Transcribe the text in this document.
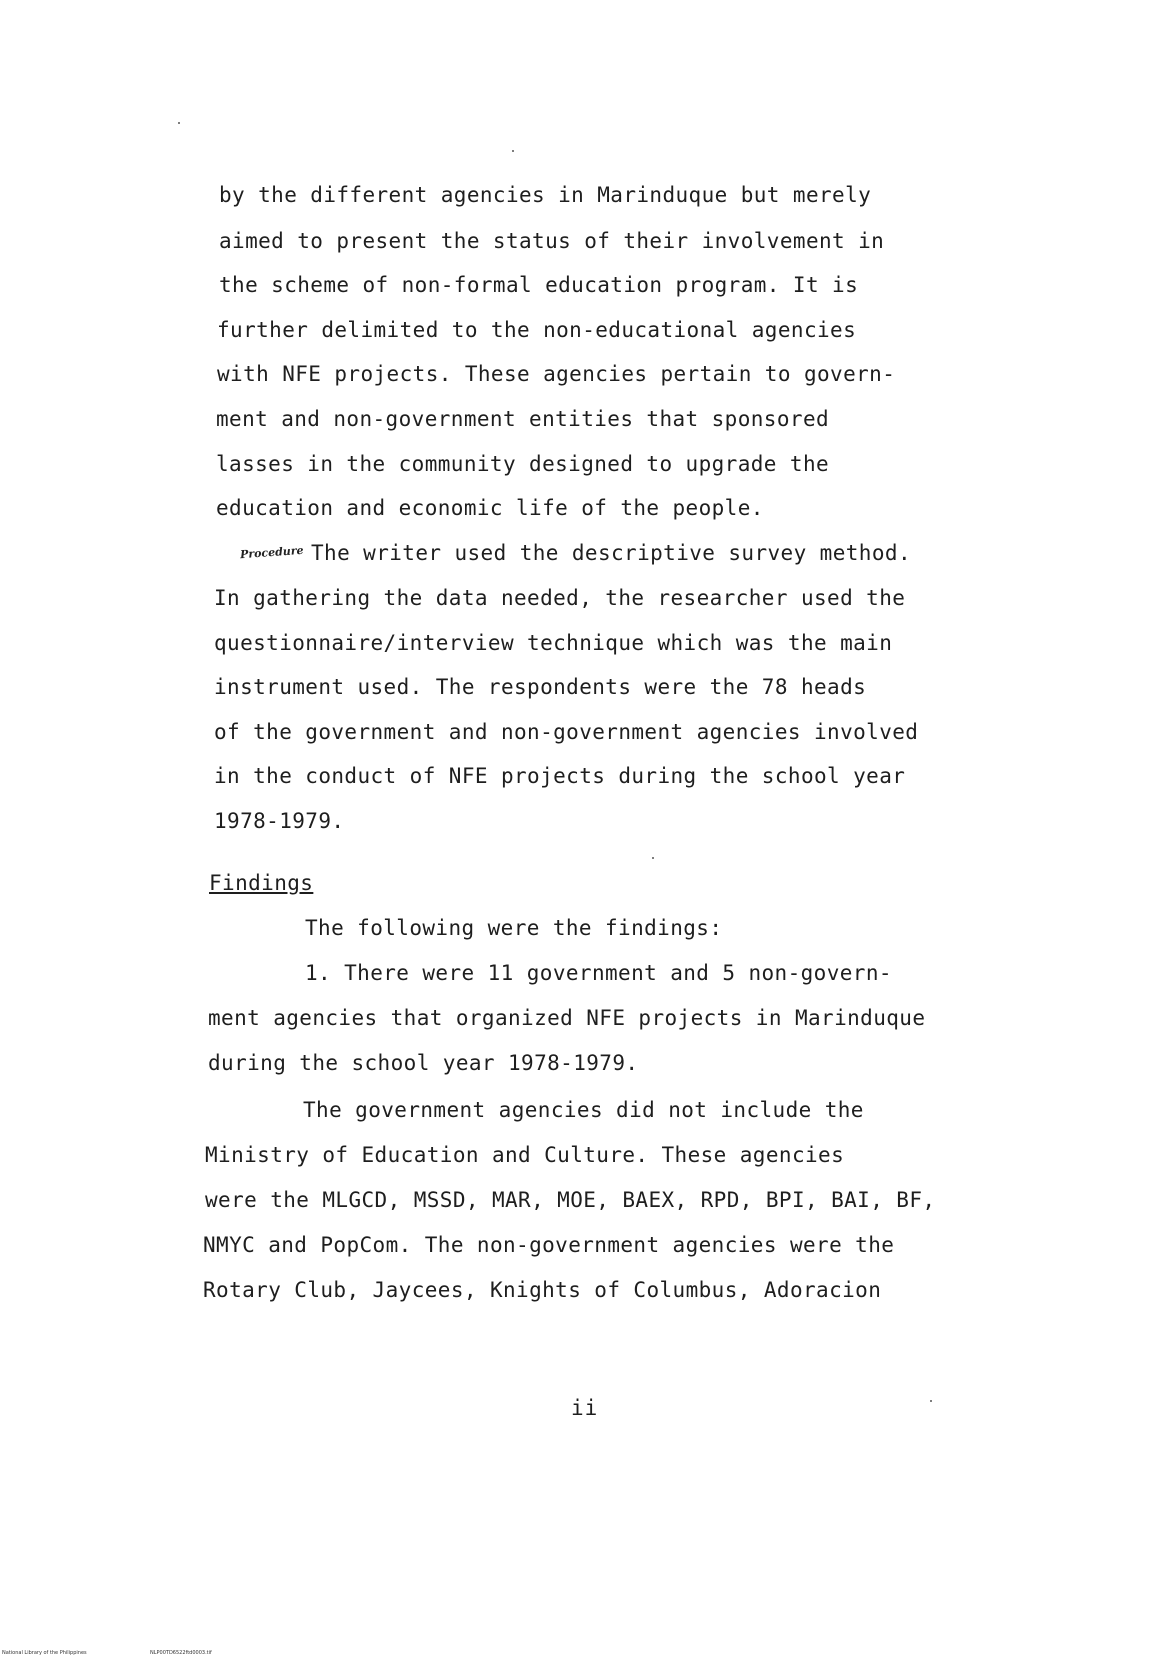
by the different agencies in Marinduque but merely
aimed to present the status of their involvement in
the scheme of non-formal education program. It is
further delimited to the non-educational agencies
with NFE projects. These agencies pertain to govern-
ment and non-government entities that sponsored
lasses in the community designed to upgrade the
education and economic life of the people.
Procedure The writer used the descriptive survey method.
In gathering the data needed, the researcher used the
questionnaire/interview technique which was the main
instrument used. The respondents were the 78 heads
of the government and non-government agencies involved
in the conduct of NFE projects during the school year
1978-1979.
Findings
The following were the findings:
1. There were 11 government and 5 non-govern-
ment agencies that organized NFE projects in Marinduque
during the school year 1978-1979.
The government agencies did not include the
Ministry of Education and Culture. These agencies
were the MLGCD, MSSD, MAR, MOE, BAEX, RPD, BPI, BAI, BF,
NMYC and PopCom. The non-government agencies were the
Rotary Club, Jaycees, Knights of Columbus, Adoracion
ii
National Library of the Philippines	NLP00TD6522ftd0003.tif
